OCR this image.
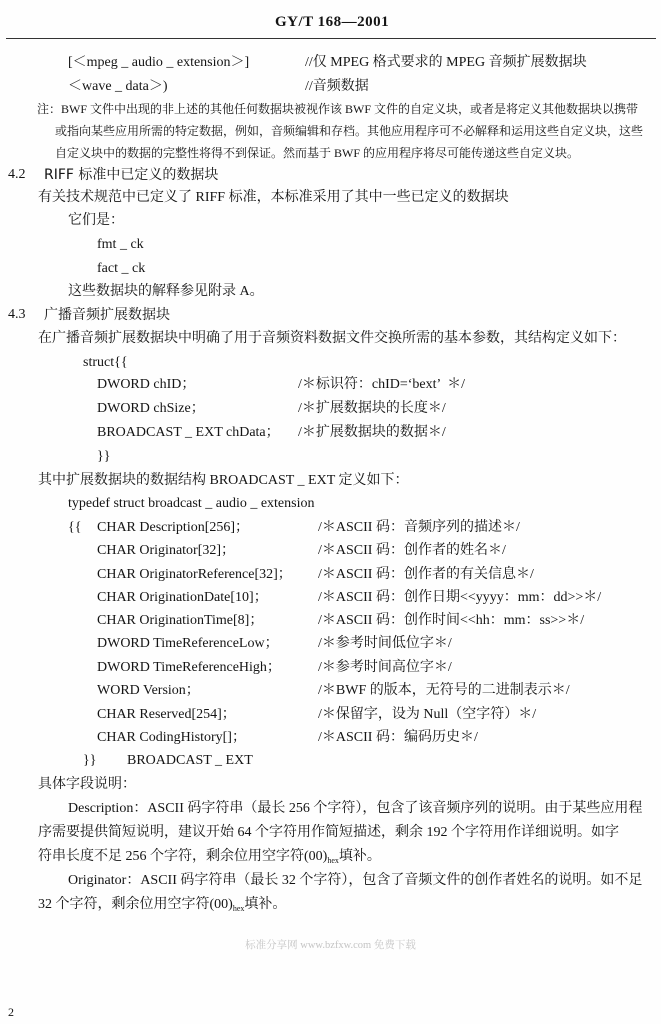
GY/T 168—2001
[＜mpeg _ audio _ extension＞]	//仅 MPEG 格式要求的 MPEG 音频扩展数据块
＜wave _ data＞)	//音频数据
注：BWF 文件中出现的非上述的其他任何数据块被视作该 BWF 文件的自定义块，或者是将定义其他数据块以携带
或指向某些应用所需的特定数据，例如，音频编辑和存档。其他应用程序可不必解释和运用这些自定义块，这些
自定义块中的数据的完整性将得不到保证。然而基于 BWF 的应用程序将尽可能传递这些自定义块。
4.2 RIFF 标准中已定义的数据块
有关技术规范中已定义了 RIFF 标准，本标准采用了其中一些已定义的数据块
它们是：
fmt _ ck
fact _ ck
这些数据块的解释参见附录 A。
4.3 广播音频扩展数据块
在广播音频扩展数据块中明确了用于音频资料数据文件交换所需的基本参数，其结构定义如下：
struct{{
DWORD chID；	/＊标识符：chID=‘bext’  ＊/
DWORD chSize；	/＊扩展数据块的长度＊/
BROADCAST _ EXT chData； /＊扩展数据块的数据＊/
}}
其中扩展数据块的数据结构 BROADCAST _ EXT 定义如下：
typedef struct broadcast _ audio _ extension
{{ CHAR Description[256]；	/＊ASCII 码：音频序列的描述＊/
CHAR Originator[32]；	/＊ASCII 码：创作者的姓名＊/
CHAR OriginatorReference[32]； /＊ASCII 码：创作者的有关信息＊/
CHAR OriginationDate[10]；	/＊ASCII 码：创作日期<<yyyy：mm：dd>>＊/
CHAR OriginationTime[8]；	/＊ASCII 码：创作时间<<hh：mm：ss>>＊/
DWORD TimeReferenceLow；	/＊参考时间低位字＊/
DWORD TimeReferenceHigh；	/＊参考时间高位字＊/
WORD Version；	/＊BWF 的版本，无符号的二进制表示＊/
CHAR Reserved[254]；	/＊保留字，设为 Null（空字符）＊/
CHAR CodingHistory[]；	/＊ASCII 码：编码历史＊/
}} BROADCAST _ EXT
具体字段说明：
Description：ASCII 码字符串（最长 256 个字符），包含了该音频序列的说明。由于某些应用程
序需要提供简短说明，建议开始 64 个字符用作简短描述，剩余 192 个字符用作详细说明。如字
符串长度不足 256 个字符，剩余位用空字符$(00)_{hex}$填补。
Originator：ASCII 码字符串（最长 32 个字符），包含了音频文件的创作者姓名的说明。如不足
32 个字符，剩余位用空字符$(00)_{hex}$填补。
标准分享网 www.bzfxw.com 免费下载
2
